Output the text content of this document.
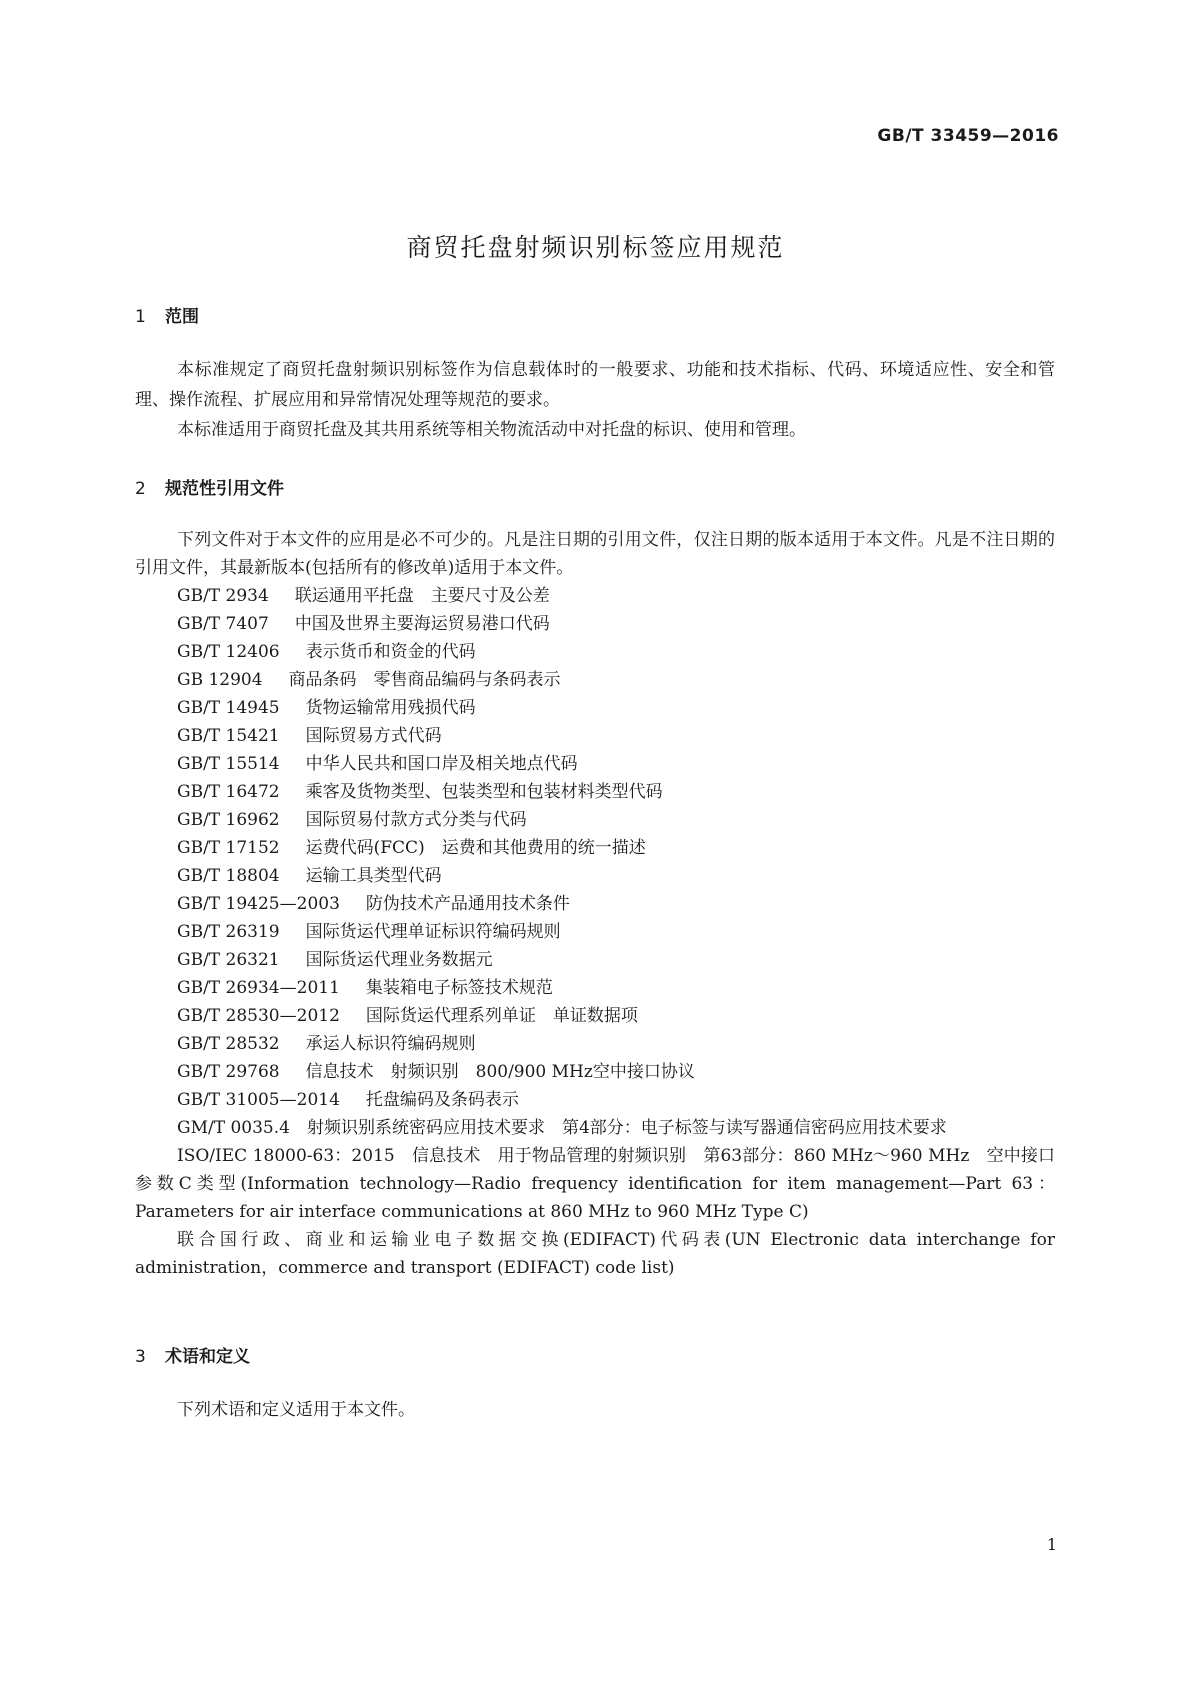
GB/T 33459—2016
商贸托盘射频识别标签应用规范
1 范围

本标准规定了商贸托盘射频识别标签作为信息载体时的一般要求、功能和技术指标、代码、环境适应性、安全和管理、操作流程、扩展应用和异常情况处理等规范的要求。

本标准适用于商贸托盘及其共用系统等相关物流活动中对托盘的标识、使用和管理。

2 规范性引用文件

下列文件对于本文件的应用是必不可少的。凡是注日期的引用文件，仅注日期的版本适用于本文件。凡是不注日期的引用文件，其最新版本(包括所有的修改单)适用于本文件。

GB/T 2934 联运通用平托盘　主要尺寸及公差

GB/T 7407 中国及世界主要海运贸易港口代码

GB/T 12406 表示货币和资金的代码

GB 12904 商品条码　零售商品编码与条码表示

GB/T 14945 货物运输常用残损代码

GB/T 15421 国际贸易方式代码

GB/T 15514 中华人民共和国口岸及相关地点代码

GB/T 16472 乘客及货物类型、包装类型和包装材料类型代码

GB/T 16962 国际贸易付款方式分类与代码

GB/T 17152 运费代码(FCC)　运费和其他费用的统一描述

GB/T 18804 运输工具类型代码

GB/T 19425—2003 防伪技术产品通用技术条件

GB/T 26319 国际货运代理单证标识符编码规则

GB/T 26321 国际货运代理业务数据元

GB/T 26934—2011 集装箱电子标签技术规范

GB/T 28530—2012 国际货运代理系列单证　单证数据项

GB/T 28532 承运人标识符编码规则

GB/T 29768 信息技术　射频识别　800/900 MHz空中接口协议

GB/T 31005—2014 托盘编码及条码表示

GM/T 0035.4　射频识别系统密码应用技术要求　第4部分：电子标签与读写器通信密码应用技术要求

ISO/IEC 18000-63：2015　信息技术　用于物品管理的射频识别　第63部分：860 MHz～960 MHz　空中接口参数C类型(Information technology—Radio frequency identification for item management—Part 63：Parameters for air interface communications at 860 MHz to 960 MHz Type C)

联合国行政、商业和运输业电子数据交换(EDIFACT)代码表(UN Electronic data interchange for administration，commerce and transport (EDIFACT) code list)

3 术语和定义

下列术语和定义适用于本文件。

1
